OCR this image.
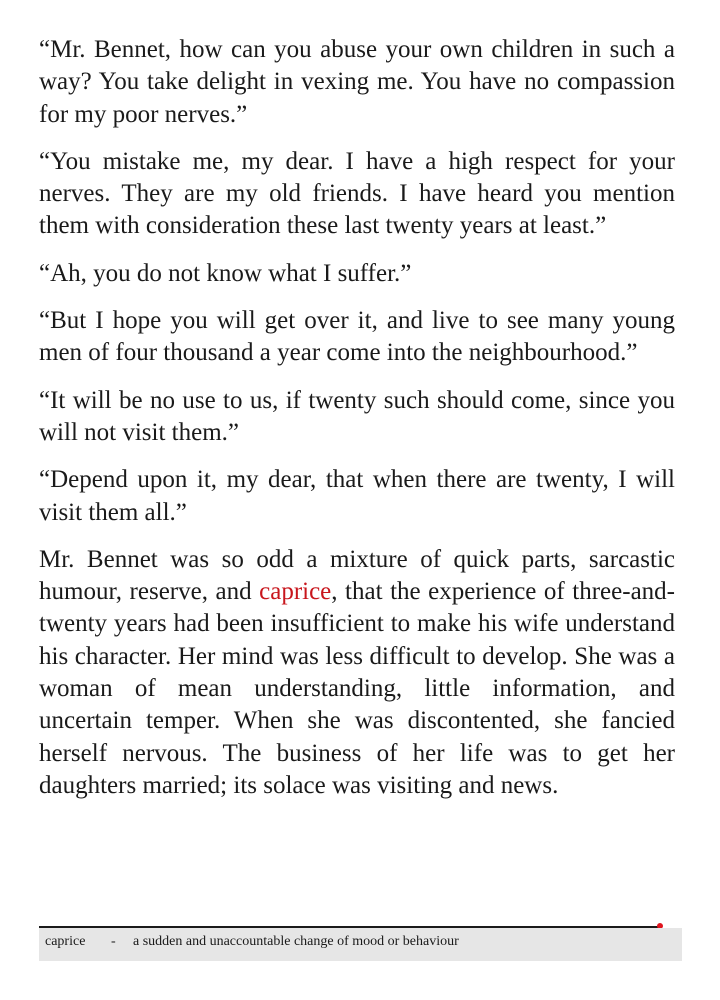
“Mr. Bennet, how can you abuse your own children in such a way? You take delight in vexing me. You have no compassion for my poor nerves.”

“You mistake me, my dear. I have a high respect for your nerves. They are my old friends. I have heard you mention them with consideration these last twenty years at least.”

“Ah, you do not know what I suffer.”

“But I hope you will get over it, and live to see many young men of four thousand a year come into the neighbourhood.”

“It will be no use to us, if twenty such should come, since you will not visit them.”

“Depend upon it, my dear, that when there are twenty, I will visit them all.”

Mr. Bennet was so odd a mixture of quick parts, sarcastic humour, reserve, and caprice, that the experience of three-and-twenty years had been insufficient to make his wife understand his character. Her mind was less difficult to develop. She was a woman of mean understanding, little information, and uncertain temper. When she was discontented, she fancied herself nervous. The business of her life was to get her daughters married; its solace was visiting and news.

caprice - a sudden and unaccountable change of mood or behaviour
